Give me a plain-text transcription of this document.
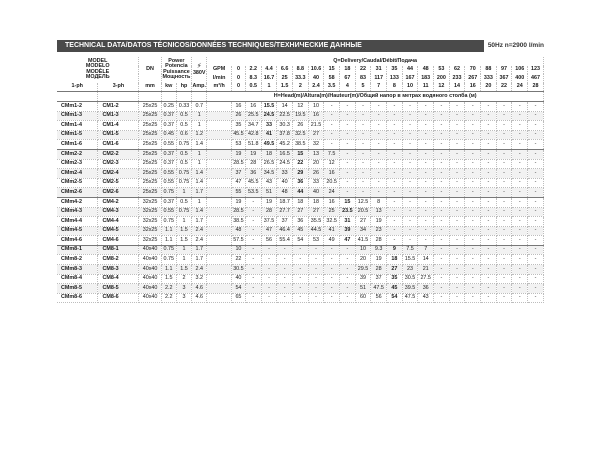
TECHNICAL DATA/DATOS TÉCNICOS/DONNÉES TECHNIQUES/ТЕХНИЧЕСКИЕ ДАННЫЕ	50Hz n=2900 l/min
MODEL
MODELO
MODÈLE
МОДЕЛЬ		DN	Power
Potencia
Puissance
Мощность		⚡
380V	Q=Delivery/Caudal/Débit/Подача																				
						GPM	0	2.2	4.4	6.6	8.8	10.6	15	18	22	31	35	44	48	53	62	70	88	97	106	123
						l/min	0	8.3	16.7	25	33.3	40	58	67	83	117	133	167	183	200	233	267	333	367	400	467
1-ph	3-ph	mm	kw	hp	Amp.	m³/h	0	0.5	1	1.5	2	2.4	3.5	4	5	7	8	10	11	12	14	16	20	22	24	28
						H=Head(m)/Altura(m)/Hauteur(m)/Общий напор в метрах водяного столба (м)																				
CMm1-2	CM1-2	25x25	0.25	0.33	0.7		16	16	15.5	14	12	10	-	-	-	-	-	-	-	-	-	-	-	-	-	-
CMm1-3	CM1-3	25x25	0.37	0.5	1		26	25.5	24.5	22.5	19.5	16	-	-	-	-	-	-	-	-	-	-	-	-	-	-
CMm1-4	CM1-4	25x25	0.37	0.5	1		35	34.7	33	30.3	26	21.5	-	-	-	-	-	-	-	-	-	-	-	-	-	-
CMm1-5	CM1-5	25x25	0.45	0.6	1.2		45.5	42.8	41	37.8	32.5	27	-	-	-	-	-	-	-	-	-	-	-	-	-	-
CMm1-6	CM1-6	25x25	0.55	0.75	1.4		53	51.8	49.5	45.2	38.5	32	-	-	-	-	-	-	-	-	-	-	-	-	-	-
CMm2-2	CM2-2	25x25	0.37	0.5	1		19	19	18	16.5	15	13	7.5	-	-	-	-	-	-	-	-	-	-	-	-	-
CMm2-3	CM2-3	25x25	0.37	0.5	1		28.5	28	26.5	24.5	22	20	12	-	-	-	-	-	-	-	-	-	-	-	-	-
CMm2-4	CM2-4	25x25	0.55	0.75	1.4		37	36	34.5	33	29	26	16	-	-	-	-	-	-	-	-	-	-	-	-	-
CMm2-5	CM2-5	25x25	0.55	0.75	1.4		47	45.5	43	40	36	33	20.5	-	-	-	-	-	-	-	-	-	-	-	-	-
CMm2-6	CM2-6	25x25	0.75	1	1.7		55	53.5	51	48	44	40	24	-	-	-	-	-	-	-	-	-	-	-	-	-
CMm4-2	CM4-2	32x25	0.37	0.5	1		19	-	19	18.7	18	18	16	15	12.5	8	-	-	-	-	-	-	-	-	-	-
CMm4-3	CM4-3	32x25	0.55	0.75	1.4		28.5	-	28	27.7	27	27	25	23.5	20.5	13	-	-	-	-	-	-	-	-	-	-
CMm4-4	CM4-4	32x25	0.75	1	1.7		38.5	-	37.5	37	36	35.5	32.5	31	27	19	-	-	-	-	-	-	-	-	-	-
CMm4-5	CM4-5	32x25	1.1	1.5	2.4		48	-	47	46.4	45	44.5	41	39	34	23	-	-	-	-	-	-	-	-	-	-
CMm4-6	CM4-6	32x25	1.1	1.5	2.4		57.5	-	56	55.4	54	53	49	47	41.5	28	-	-	-	-	-	-	-	-	-	-
CMm8-1	CM8-1	40x40	0.75	1	1.7		10	-	-	-	-	-	-	-	10	9.3	9	7.5	7	-	-	-	-	-	-	-
CMm8-2	CM8-2	40x40	0.75	1	1.7		22	-	-	-	-	-	-	-	20	19	18	15.5	14	-	-	-	-	-	-	-
CMm8-3	CM8-3	40x40	1.1	1.5	2.4		30.5	-	-	-	-	-	-	-	29.5	28	27	23	21	-	-	-	-	-	-	-
CMm8-4	CM8-4	40x40	1.5	2	3.2		40	-	-	-	-	-	-	-	39	37	35	30.5	27.5	-	-	-	-	-	-	-
CMm8-5	CM8-5	40x40	2.2	3	4.6		54	-	-	-	-	-	-	-	51	47.5	45	39.5	36	-	-	-	-	-	-	-
CMm8-6	CM8-6	40x40	2.2	3	4.6		65	-	-	-	-	-	-	-	60	56	54	47.5	43	-	-	-	-	-	-	-
